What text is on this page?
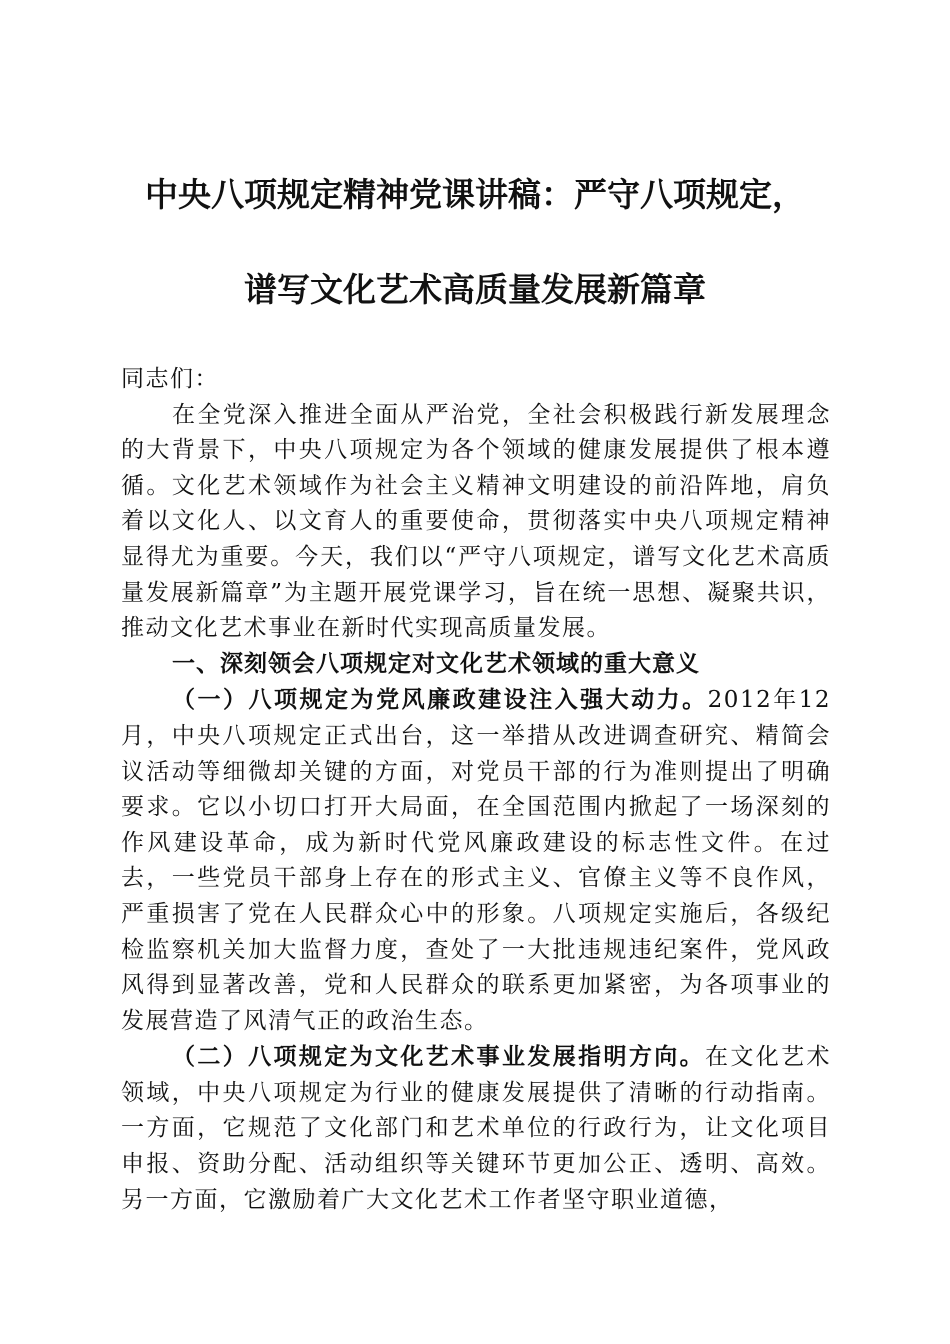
中央八项规定精神党课讲稿：严守八项规定，
谱写文化艺术高质量发展新篇章

同志们：

在全党深入推进全面从严治党，全社会积极践行新发展理念的大背景下，中央八项规定为各个领域的健康发展提供了根本遵循。文化艺术领域作为社会主义精神文明建设的前沿阵地，肩负着以文化人、以文育人的重要使命，贯彻落实中央八项规定精神显得尤为重要。今天，我们以“严守八项规定，谱写文化艺术高质量发展新篇章”为主题开展党课学习，旨在统一思想、凝聚共识，推动文化艺术事业在新时代实现高质量发展。

一、深刻领会八项规定对文化艺术领域的重大意义

（一）八项规定为党风廉政建设注入强大动力。2012年12月，中央八项规定正式出台，这一举措从改进调查研究、精简会议活动等细微却关键的方面，对党员干部的行为准则提出了明确要求。它以小切口打开大局面，在全国范围内掀起了一场深刻的作风建设革命，成为新时代党风廉政建设的标志性文件。在过去，一些党员干部身上存在的形式主义、官僚主义等不良作风，严重损害了党在人民群众心中的形象。八项规定实施后，各级纪检监察机关加大监督力度，查处了一大批违规违纪案件，党风政风得到显著改善，党和人民群众的联系更加紧密，为各项事业的发展营造了风清气正的政治生态。

（二）八项规定为文化艺术事业发展指明方向。在文化艺术领域，中央八项规定为行业的健康发展提供了清晰的行动指南。一方面，它规范了文化部门和艺术单位的行政行为，让文化项目申报、资助分配、活动组织等关键环节更加公正、透明、高效。另一方面，它激励着广大文化艺术工作者坚守职业道德，
